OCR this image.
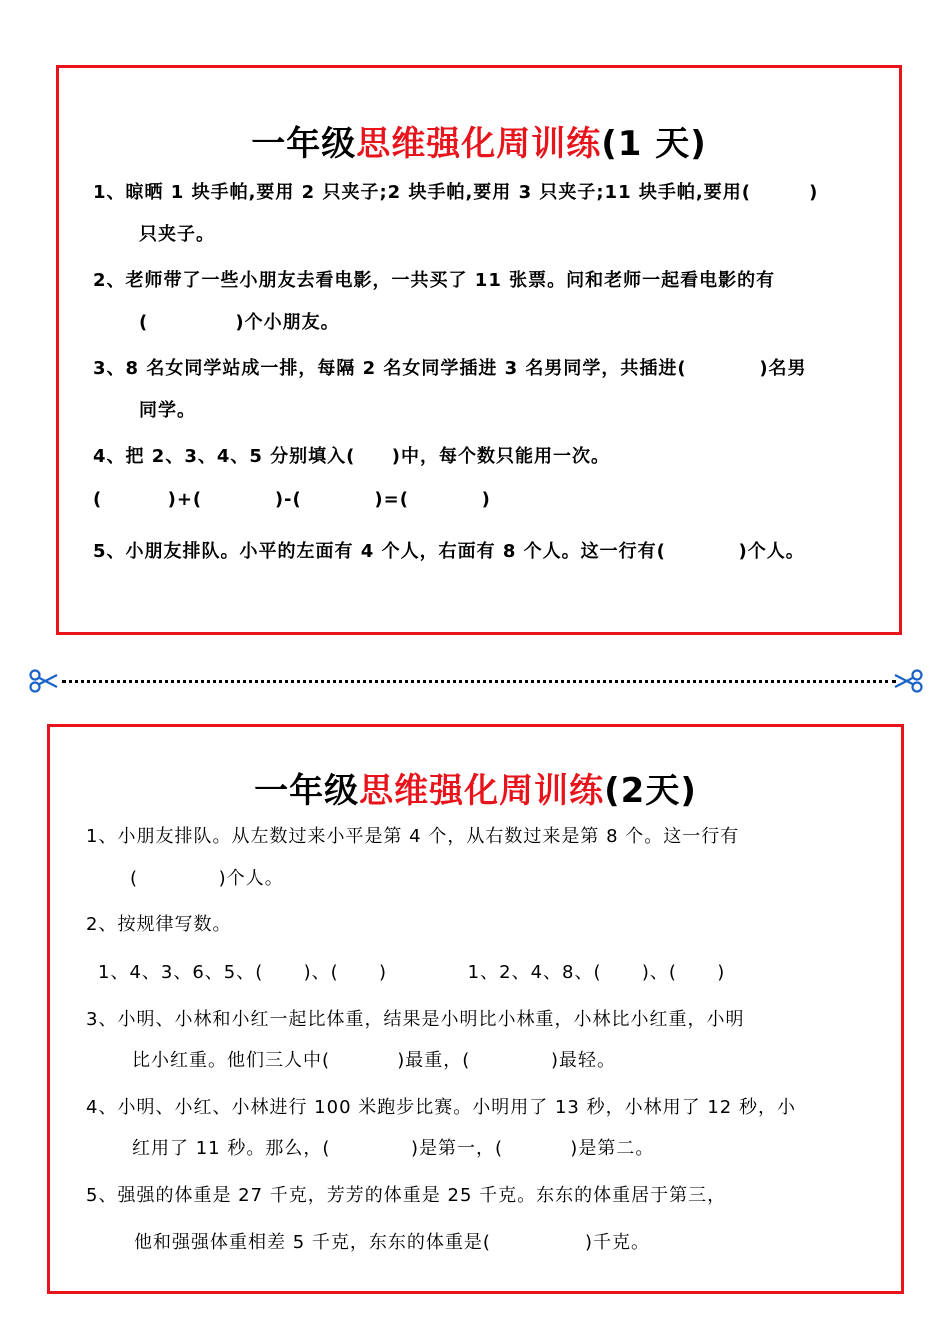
一年级思维强化周训练(1 天)
1、晾晒 1 块手帕,要用 2 只夹子;2 块手帕,要用 3 只夹子;11 块手帕,要用(        )
只夹子。
2、老师带了一些小朋友去看电影，一共买了 11 张票。问和老师一起看电影的有
(            )个小朋友。
3、8 名女同学站成一排，每隔 2 名女同学插进 3 名男同学，共插进(          )名男
同学。
4、把 2、3、4、5 分别填入(     )中，每个数只能用一次。
(         )+(          )-(          )=(          )
5、小朋友排队。小平的左面有 4 个人，右面有 8 个人。这一行有(          )个人。
一年级思维强化周训练(2天)
1、小朋友排队。从左数过来小平是第 4 个，从右数过来是第 8 个。这一行有
(            )个人。
2、按规律写数。
1、4、3、6、5、(      )、(      )            1、2、4、8、(      )、(      )
3、小明、小林和小红一起比体重，结果是小明比小林重，小林比小红重，小明
比小红重。他们三人中(          )最重，(            )最轻。
4、小明、小红、小林进行 100 米跑步比赛。小明用了 13 秒，小林用了 12 秒，小
红用了 11 秒。那么，(            )是第一，(          )是第二。
5、强强的体重是 27 千克，芳芳的体重是 25 千克。东东的体重居于第三，
他和强强体重相差 5 千克，东东的体重是(              )千克。
